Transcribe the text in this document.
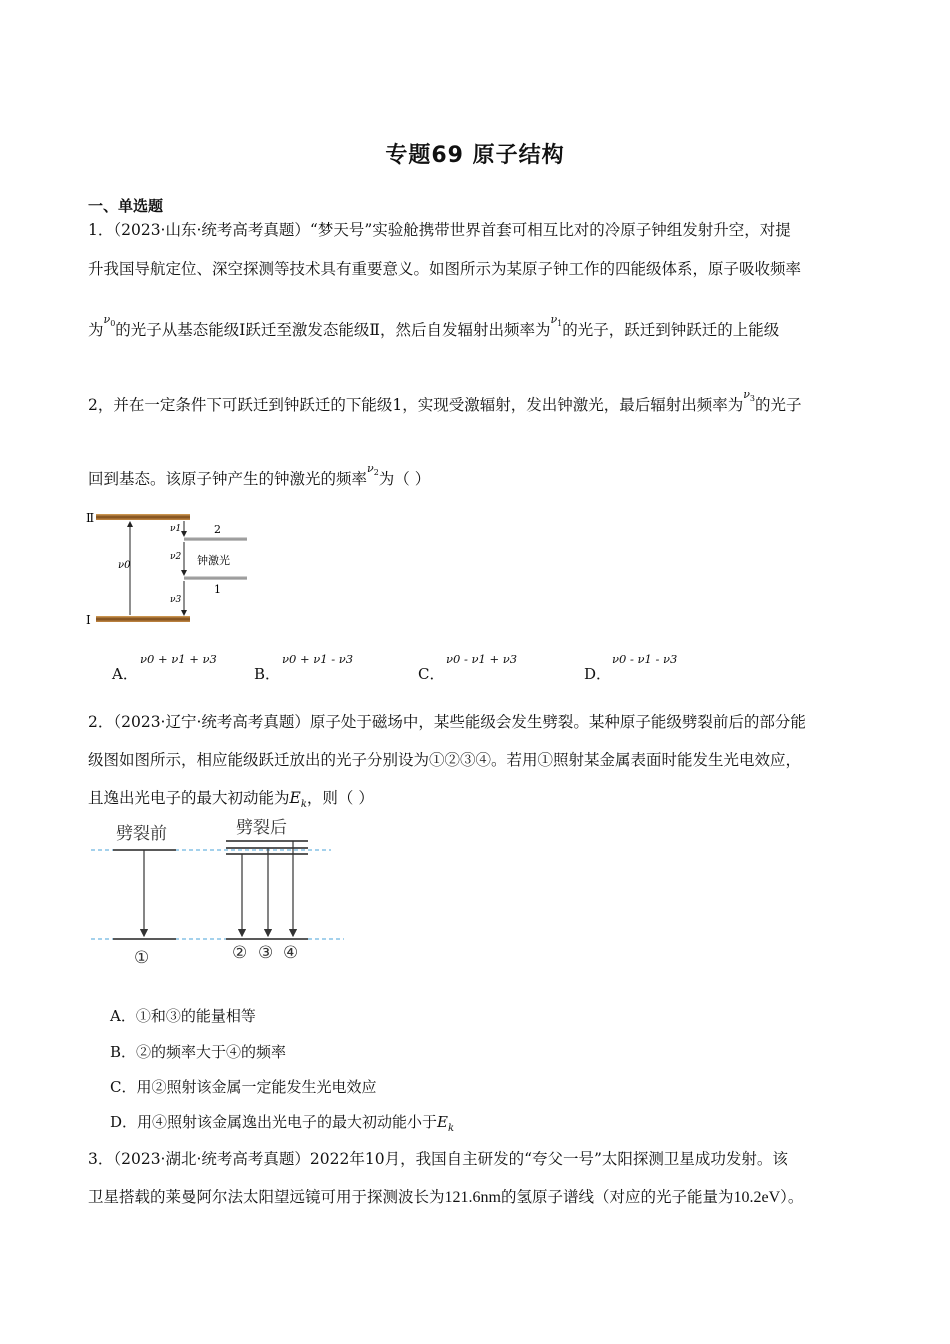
专题69 原子结构
一、单选题
1．（2023·山东·统考高考真题）“梦天号”实验舱携带世界首套可相互比对的冷原子钟组发射升空，对提
升我国导航定位、深空探测等技术具有重要意义。如图所示为某原子钟工作的四能级体系，原子吸收频率
为$^{\nu_0}$的光子从基态能级Ⅰ跃迁至激发态能级Ⅱ，然后自发辐射出频率为$^{\nu_1}$的光子，跃迁到钟跃迁的上能级
2，并在一定条件下可跃迁到钟跃迁的下能级1，实现受激辐射，发出钟激光，最后辐射出频率为$^{\nu_3}$的光子
回到基态。该原子钟产生的钟激光的频率$^{\nu_2}$为（ ）
Ⅱ
Ⅰ
ν0
2
1
钟激光
ν1
ν2
ν3
A．
ν0 + ν1 + ν3
B．
ν0 + ν1 - ν3
C．
ν0 - ν1 + ν3
D．
ν0 - ν1 - ν3
2．（2023·辽宁·统考高考真题）原子处于磁场中，某些能级会发生劈裂。某种原子能级劈裂前后的部分能
级图如图所示，相应能级跃迁放出的光子分别设为①②③④。若用①照射某金属表面时能发生光电效应，
且逸出光电子的最大初动能为$E_k$，则（ ）
劈裂前	劈裂后
①	② ③ ④
A．①和③的能量相等
B．②的频率大于④的频率
C．用②照射该金属一定能发生光电效应
D．用④照射该金属逸出光电子的最大初动能小于$E_k$
3．（2023·湖北·统考高考真题）2022年10月，我国自主研发的“夸父一号”太阳探测卫星成功发射。该
卫星搭载的莱曼阿尔法太阳望远镜可用于探测波长为121.6nm的氢原子谱线（对应的光子能量为10.2eV）。
